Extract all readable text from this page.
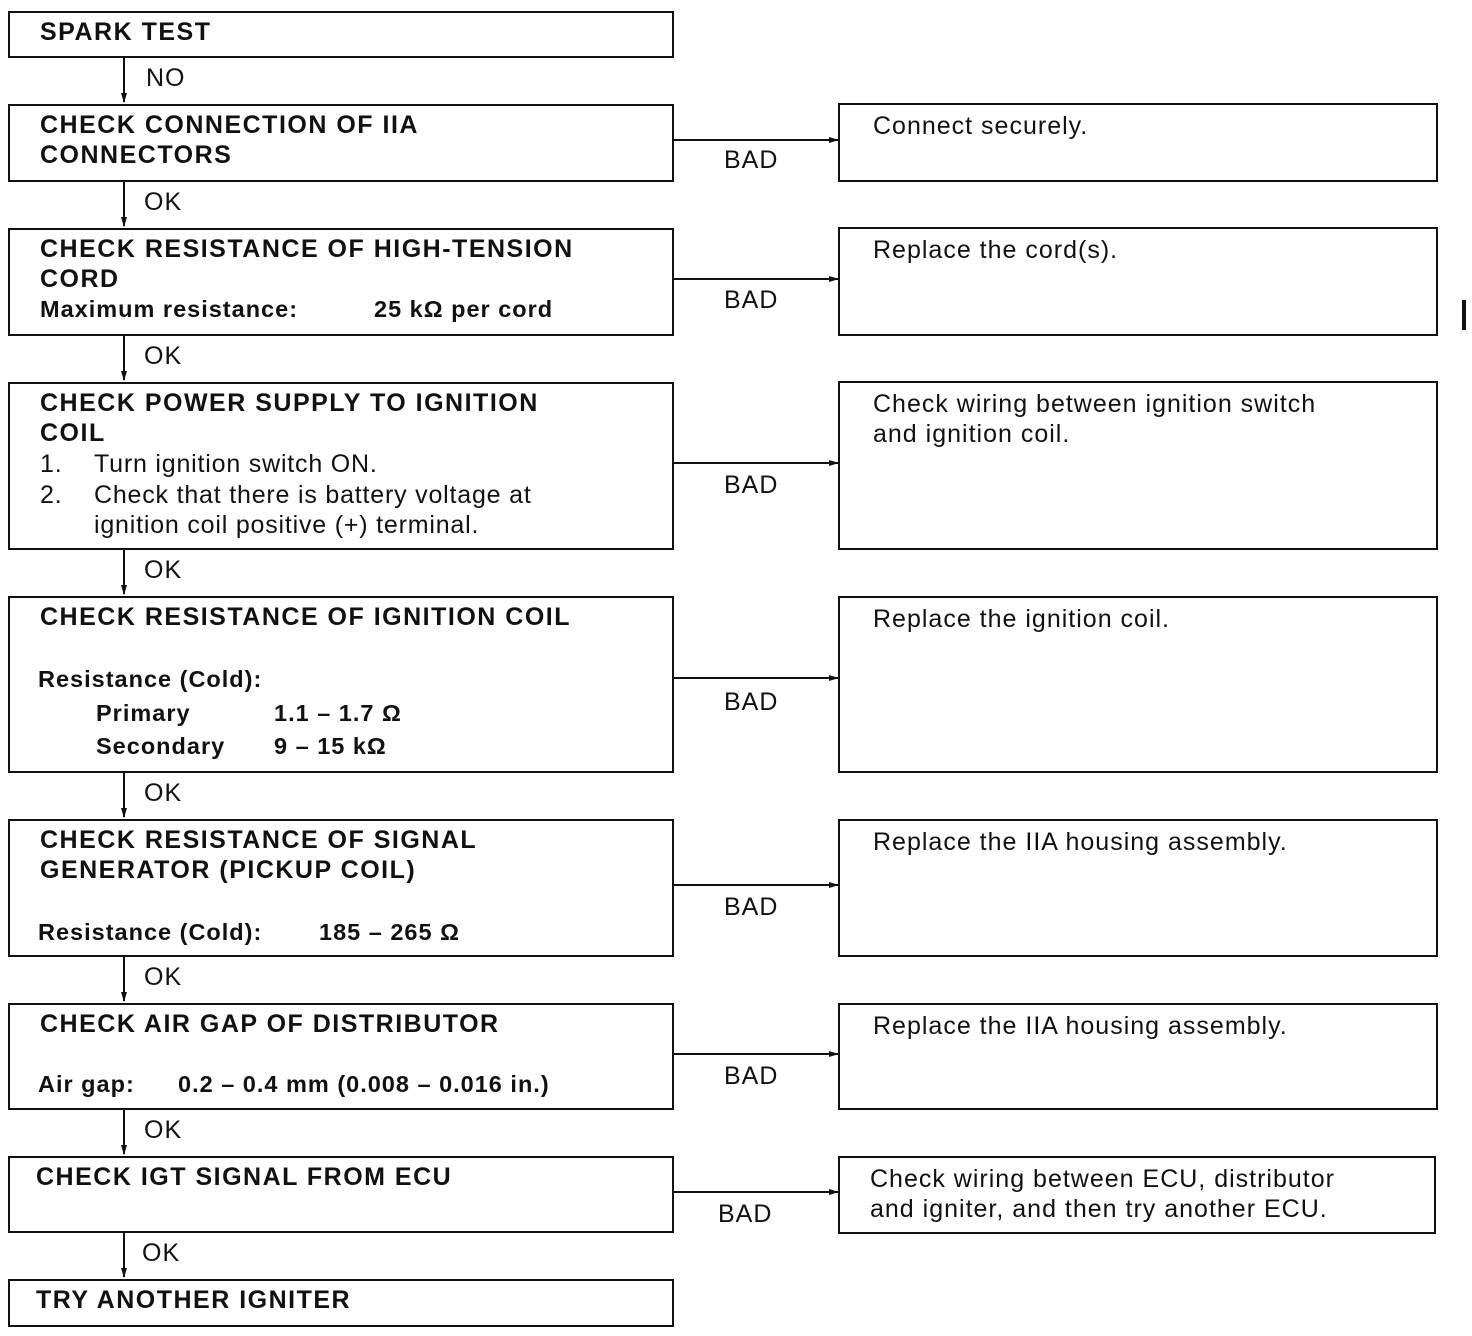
SPARK TEST
NO
CHECK CONNECTION OF IIA
CONNECTORS	BAD
Connect securely.
OK
CHECK RESISTANCE OF HIGH-TENSION
CORD
Maximum resistance:	25 kΩ per cord	BAD
Replace the cord(s).
OK
CHECK POWER SUPPLY TO IGNITION
COIL
1. Turn ignition switch ON.
2. Check that there is battery voltage at
ignition coil positive (+) terminal.
BAD
Check wiring between ignition switch
and ignition coil.
OK
CHECK RESISTANCE OF IGNITION COIL
Resistance (Cold):
Primary	1.1 – 1.7 Ω
Secondary 9 – 15 kΩ
BAD
Replace the ignition coil.
OK
CHECK RESISTANCE OF SIGNAL
GENERATOR (PICKUP COIL)
Resistance (Cold): 185 – 265 Ω
BAD
Replace the IIA housing assembly.
OK
CHECK AIR GAP OF DISTRIBUTOR
Air gap: 0.2 – 0.4 mm (0.008 – 0.016 in.)	BAD
Replace the IIA housing assembly.
OK
CHECK IGT SIGNAL FROM ECU
BAD
Check wiring between ECU, distributor
and igniter, and then try another ECU.
OK
TRY ANOTHER IGNITER
